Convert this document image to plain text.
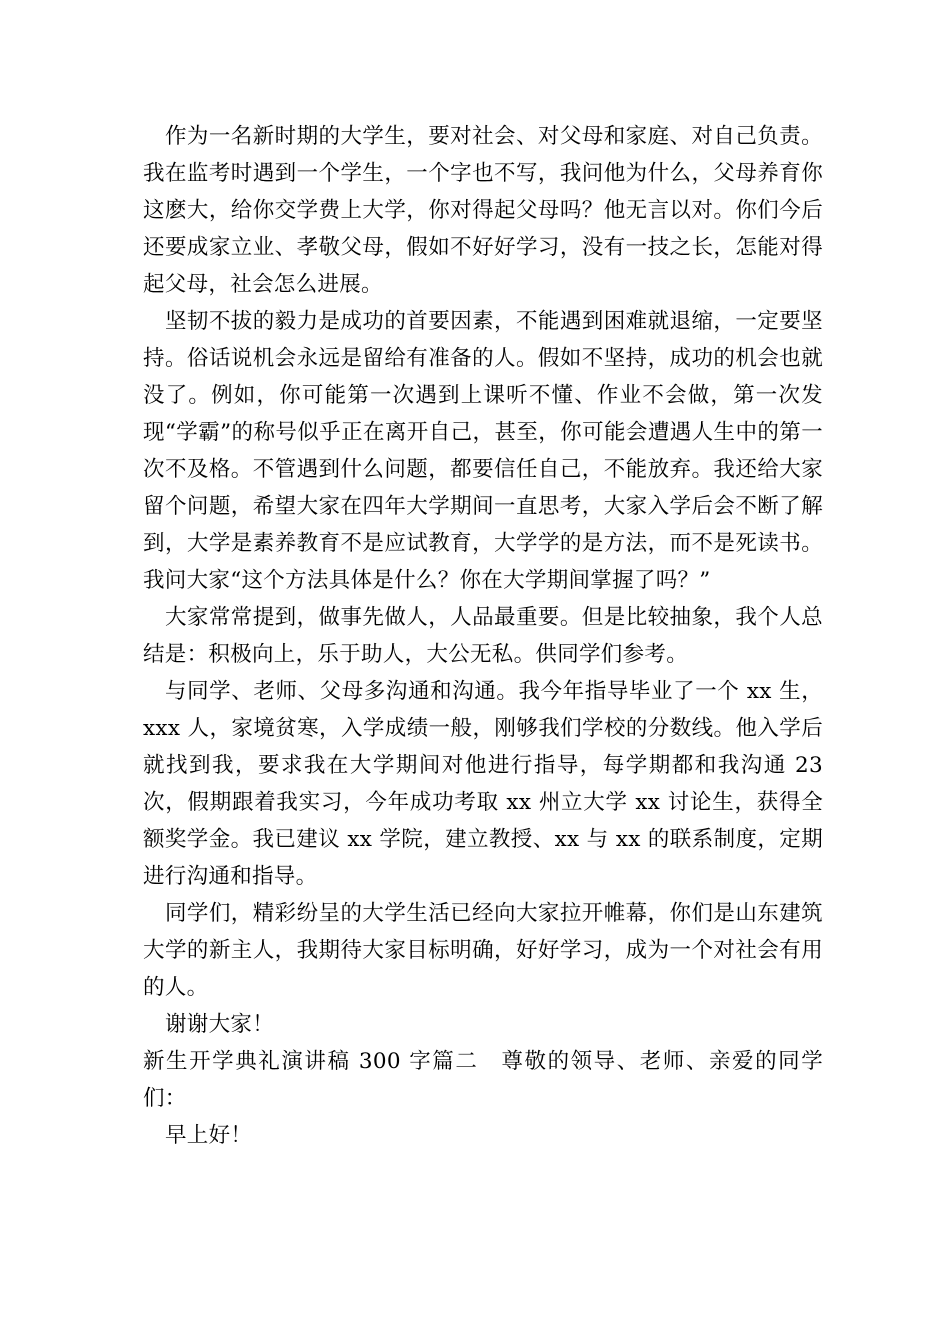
作为一名新时期的大学生，要对社会、对父母和家庭、对自己负责。我在监考时遇到一个学生，一个字也不写，我问他为什么，父母养育你这麽大，给你交学费上大学，你对得起父母吗？他无言以对。你们今后还要成家立业、孝敬父母，假如不好好学习，没有一技之长，怎能对得起父母，社会怎么进展。

坚韧不拔的毅力是成功的首要因素，不能遇到困难就退缩，一定要坚持。俗话说机会永远是留给有准备的人。假如不坚持，成功的机会也就没了。例如，你可能第一次遇到上课听不懂、作业不会做，第一次发现“学霸”的称号似乎正在离开自己，甚至，你可能会遭遇人生中的第一次不及格。不管遇到什么问题，都要信任自己，不能放弃。我还给大家留个问题，希望大家在四年大学期间一直思考，大家入学后会不断了解到，大学是素养教育不是应试教育，大学学的是方法，而不是死读书。我问大家“这个方法具体是什么？你在大学期间掌握了吗？”

大家常常提到，做事先做人，人品最重要。但是比较抽象，我个人总结是：积极向上，乐于助人，大公无私。供同学们参考。

与同学、老师、父母多沟通和沟通。我今年指导毕业了一个 xx 生，xxx 人，家境贫寒，入学成绩一般，刚够我们学校的分数线。他入学后就找到我，要求我在大学期间对他进行指导，每学期都和我沟通 23 次，假期跟着我实习，今年成功考取 xx 州立大学 xx 讨论生，获得全额奖学金。我已建议 xx 学院，建立教授、xx 与 xx 的联系制度，定期进行沟通和指导。

同学们，精彩纷呈的大学生活已经向大家拉开帷幕，你们是山东建筑大学的新主人，我期待大家目标明确，好好学习，成为一个对社会有用的人。

谢谢大家！

新生开学典礼演讲稿 300 字篇二　尊敬的领导、老师、亲爱的同学们：

早上好！
